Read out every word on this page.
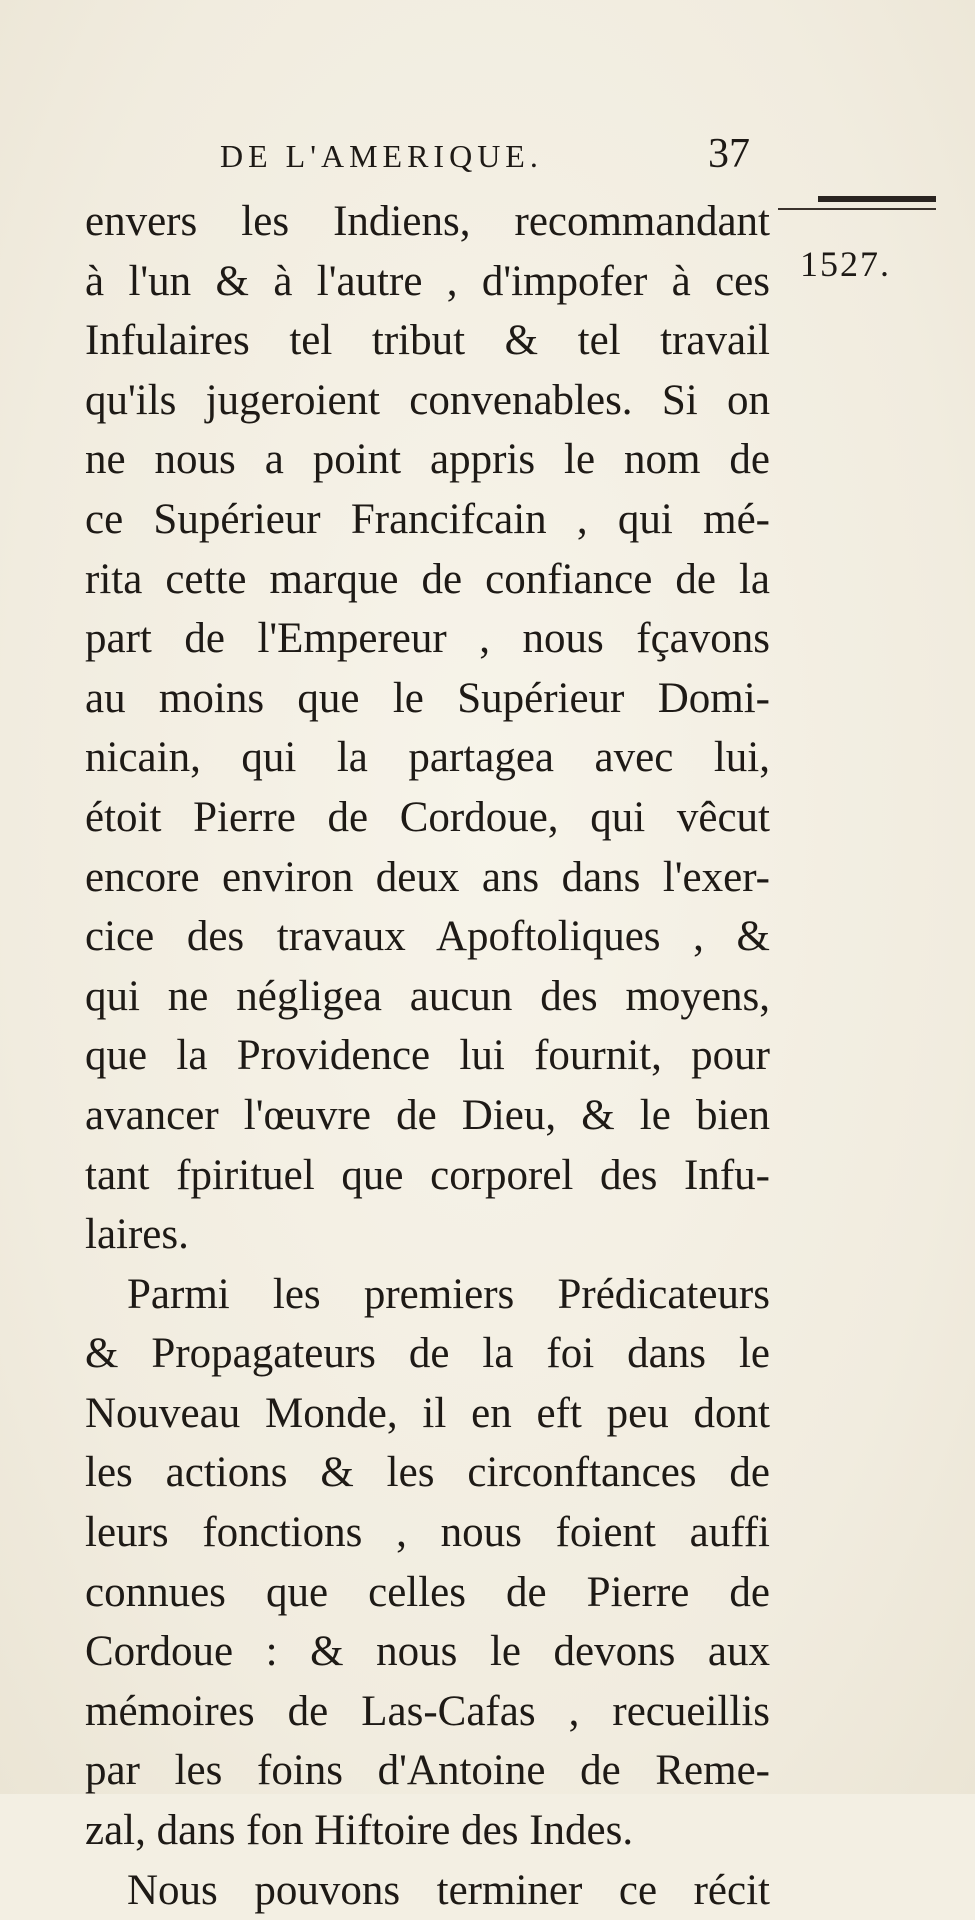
DE L'AMERIQUE.	37
1527.
envers les Indiens, recommandant
à l'un & à l'autre , d'impofer à ces
Infulaires tel tribut & tel travail
qu'ils jugeroient convenables. Si on
ne nous a point appris le nom de
ce Supérieur Francifcain , qui mé-
rita cette marque de confiance de la
part de l'Empereur , nous fçavons
au moins que le Supérieur Domi-
nicain, qui la partagea avec lui,
étoit Pierre de Cordoue, qui vêcut
encore environ deux ans dans l'exer-
cice des travaux Apoftoliques , &
qui ne négligea aucun des moyens,
que la Providence lui fournit, pour
avancer l'œuvre de Dieu, & le bien
tant fpirituel que corporel des Infu-
laires.
Parmi les premiers Prédicateurs
& Propagateurs de la foi dans le
Nouveau Monde, il en eft peu dont
les actions & les circonftances de
leurs fonctions , nous foient auffi
connues que celles de Pierre de
Cordoue : & nous le devons aux
mémoires de Las-Cafas , recueillis
par les foins d'Antoine de Reme-
zal, dans fon Hiftoire des Indes.
Nous pouvons terminer ce récit
